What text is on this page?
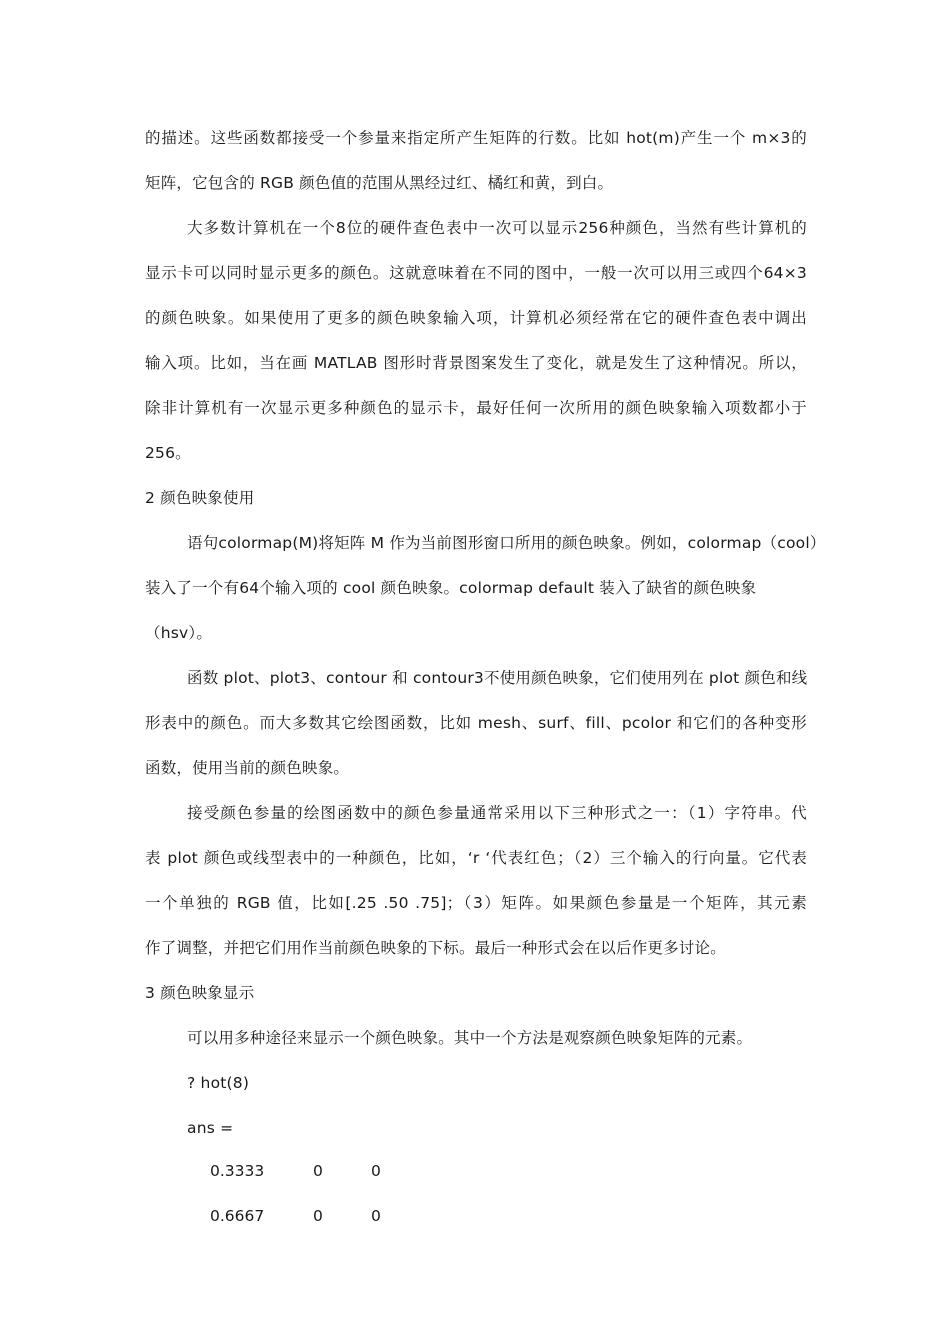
的描述。这些函数都接受一个参量来指定所产生矩阵的行数。比如 hot(m)产生一个 m×3的
矩阵，它包含的 RGB 颜色值的范围从黑经过红、橘红和黄，到白。
大多数计算机在一个8位的硬件查色表中一次可以显示256种颜色，当然有些计算机的
显示卡可以同时显示更多的颜色。这就意味着在不同的图中，一般一次可以用三或四个64×3
的颜色映象。如果使用了更多的颜色映象输入项，计算机必须经常在它的硬件查色表中调出
输入项。比如，当在画 MATLAB 图形时背景图案发生了变化，就是发生了这种情况。所以，
除非计算机有一次显示更多种颜色的显示卡，最好任何一次所用的颜色映象输入项数都小于
256。
2 颜色映象使用
语句colormap(M)将矩阵 M 作为当前图形窗口所用的颜色映象。例如，colormap（cool）
装入了一个有64个输入项的 cool 颜色映象。colormap default 装入了缺省的颜色映象
（hsv）。
函数 plot、plot3、contour 和 contour3不使用颜色映象，它们使用列在 plot 颜色和线
形表中的颜色。而大多数其它绘图函数，比如 mesh、surf、fill、pcolor 和它们的各种变形
函数，使用当前的颜色映象。
接受颜色参量的绘图函数中的颜色参量通常采用以下三种形式之一：（1）字符串。代
表 plot 颜色或线型表中的一种颜色，比如，‘r ‘代表红色；（2）三个输入的行向量。它代表
一个单独的 RGB 值，比如[.25 .50 .75]；（3）矩阵。如果颜色参量是一个矩阵，其元素
作了调整，并把它们用作当前颜色映象的下标。最后一种形式会在以后作更多讨论。
3 颜色映象显示
可以用多种途径来显示一个颜色映象。其中一个方法是观察颜色映象矩阵的元素。
? hot(8)
ans =
0.3333	0	0
0.6667	0	0
